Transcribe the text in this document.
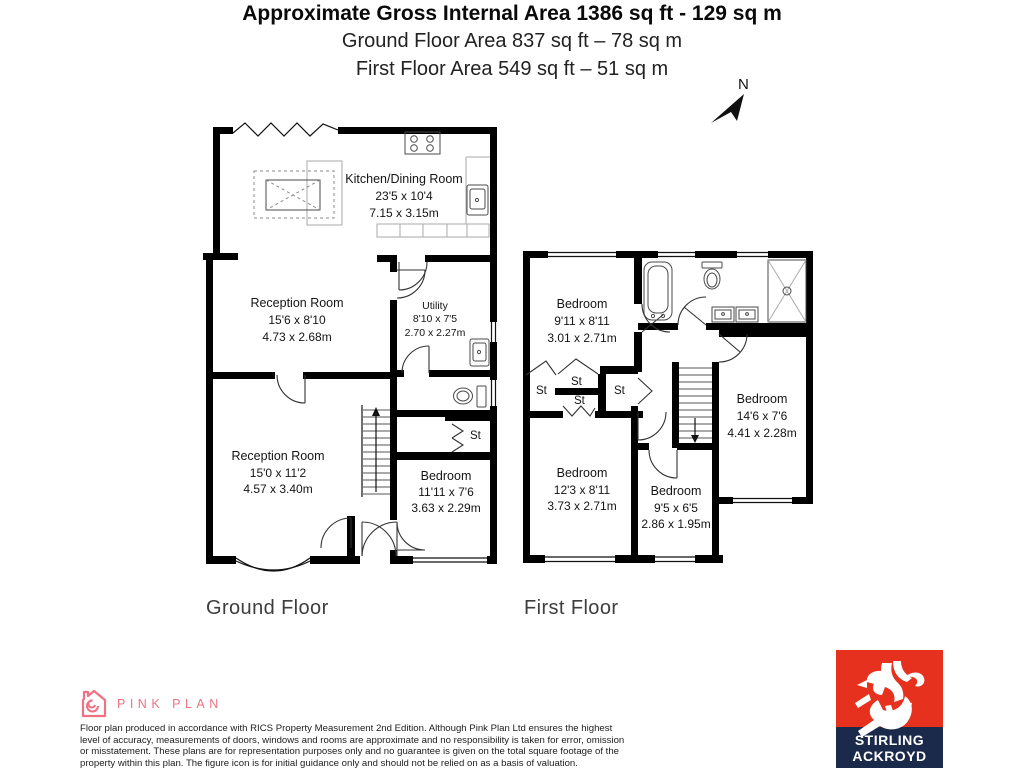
Approximate Gross Internal Area 1386 sq ft - 129 sq m
Ground Floor Area 837 sq ft – 78 sq m
First Floor Area 549 sq ft – 51 sq m
N
Kitchen/Dining Room
23'5 x 10'4
7.15 x 3.15m
Reception Room
15'6 x 8'10
4.73 x 2.68m
Utility
8'10 x 7'5
2.70 x 2.27m
Reception Room
15'0 x 11'2
4.57 x 3.40m
Bedroom
11'11 x 7'6
3.63 x 2.29m
St
Ground Floor
Bedroom
9'11 x 8'11
3.01 x 2.71m
Bedroom
14'6 x 7'6
4.41 x 2.28m
Bedroom
12'3 x 8'11
3.73 x 2.71m
Bedroom
9'5 x 6'5
2.86 x 1.95m
St
St
St
St
First Floor
PINK PLAN
Floor plan produced in accordance with RICS Property Measurement 2nd Edition. Although Pink Plan Ltd ensures the highest
level of accuracy, measurements of doors, windows and rooms are approximate and no responsibility is taken for error, omission
or misstatement. These plans are for representation purposes only and no guarantee is given on the total square footage of the
property within this plan. The figure icon is for initial guidance only and should not be relied on as a basis of valuation.
STIRLING
ACKROYD
